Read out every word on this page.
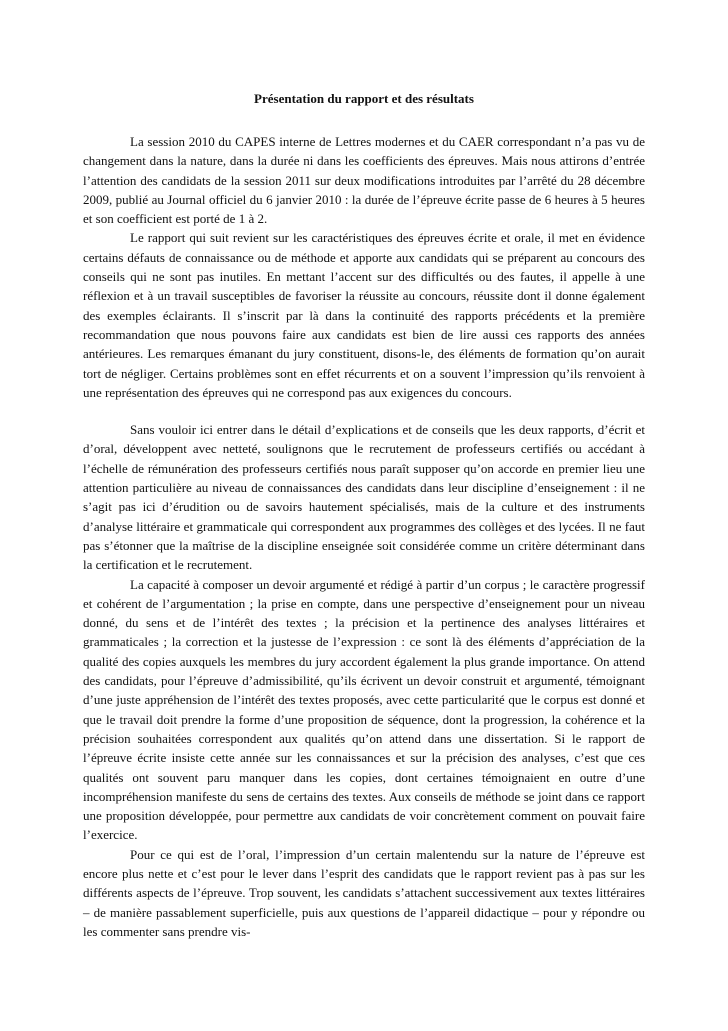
Présentation du rapport et des résultats

La session 2010 du CAPES interne de Lettres modernes et du CAER correspondant n’a pas vu de changement dans la nature, dans la durée ni dans les coefficients des épreuves. Mais nous attirons d’entrée l’attention des candidats de la session 2011 sur deux modifications introduites par l’arrêté du 28 décembre 2009, publié au Journal officiel du 6 janvier 2010 : la durée de l’épreuve écrite passe de 6 heures à 5 heures et son coefficient est porté de 1 à 2.

Le rapport qui suit revient sur les caractéristiques des épreuves écrite et orale, il met en évidence certains défauts de connaissance ou de méthode et apporte aux candidats qui se préparent au concours des conseils qui ne sont pas inutiles. En mettant l’accent sur des difficultés ou des fautes, il appelle à une réflexion et à un travail susceptibles de favoriser la réussite au concours, réussite dont il donne également des exemples éclairants. Il s’inscrit par là dans la continuité des rapports précédents et la première recommandation que nous pouvons faire aux candidats est bien de lire aussi ces rapports des années antérieures. Les remarques émanant du jury constituent, disons-le, des éléments de formation qu’on aurait tort de négliger. Certains problèmes sont en effet récurrents et on a souvent l’impression qu’ils renvoient à une représentation des épreuves qui ne correspond pas aux exigences du concours.

Sans vouloir ici entrer dans le détail d’explications et de conseils que les deux rapports, d’écrit et d’oral, développent avec netteté, soulignons que le recrutement de professeurs certifiés ou accédant à l’échelle de rémunération des professeurs certifiés nous paraît supposer qu’on accorde en premier lieu une attention particulière au niveau de connaissances des candidats dans leur discipline d’enseignement : il ne s’agit pas ici d’érudition ou de savoirs hautement spécialisés, mais de la culture et des instruments d’analyse littéraire et grammaticale qui correspondent aux programmes des collèges et des lycées. Il ne faut pas s’étonner que la maîtrise de la discipline enseignée soit considérée comme un critère déterminant dans la certification et le recrutement.

La capacité à composer un devoir argumenté et rédigé à partir d’un corpus ; le caractère progressif et cohérent de l’argumentation ; la prise en compte, dans une perspective d’enseignement pour un niveau donné, du sens et de l’intérêt des textes ; la précision et la pertinence des analyses littéraires et grammaticales ; la correction et la justesse de l’expression : ce sont là des éléments d’appréciation de la qualité des copies auxquels les membres du jury accordent également la plus grande importance. On attend des candidats, pour l’épreuve d’admissibilité, qu’ils écrivent un devoir construit et argumenté, témoignant d’une juste appréhension de l’intérêt des textes proposés, avec cette particularité que le corpus est donné et que le travail doit prendre la forme d’une proposition de séquence, dont la progression, la cohérence et la précision souhaitées correspondent aux qualités qu’on attend dans une dissertation. Si le rapport de l’épreuve écrite insiste cette année sur les connaissances et sur la précision des analyses, c’est que ces qualités ont souvent paru manquer dans les copies, dont certaines témoignaient en outre d’une incompréhension manifeste du sens de certains des textes. Aux conseils de méthode se joint dans ce rapport une proposition développée, pour permettre aux candidats de voir concrètement comment on pouvait faire l’exercice.

Pour ce qui est de l’oral, l’impression d’un certain malentendu sur la nature de l’épreuve est encore plus nette et c’est pour le lever dans l’esprit des candidats que le rapport revient pas à pas sur les différents aspects de l’épreuve. Trop souvent, les candidats s’attachent successivement aux textes littéraires – de manière passablement superficielle, puis aux questions de l’appareil didactique – pour y répondre ou les commenter sans prendre vis-
